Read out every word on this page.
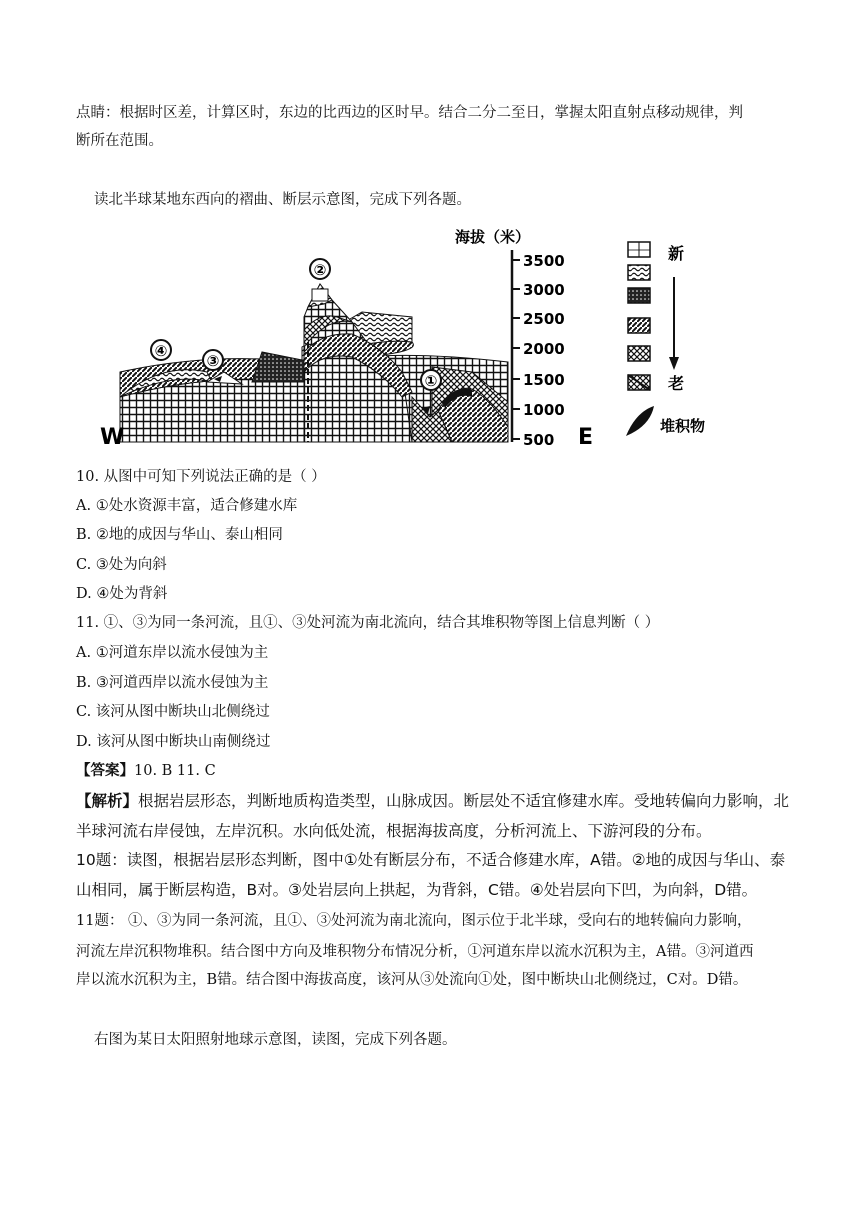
点睛：根据时区差，计算区时，东边的比西边的区时早。结合二分二至日，掌握太阳直射点移动规律，判
断所在范围。
读北半球某地东西向的褶曲、断层示意图，完成下列各题。
②
④
③
①
W	E
海拔（米）
3500
3000
2500
2000
1500
1000
500
新
老
堆积物
10. 从图中可知下列说法正确的是（ ）
A. ①处水资源丰富，适合修建水库
B. ②地的成因与华山、泰山相同
C. ③处为向斜
D. ④处为背斜
11. ①、③为同一条河流，且①、③处河流为南北流向，结合其堆积物等图上信息判断（ ）
A. ①河道东岸以流水侵蚀为主
B. ③河道西岸以流水侵蚀为主
C. 该河从图中断块山北侧绕过
D. 该河从图中断块山南侧绕过
【答案】10. B 11. C
【解析】根据岩层形态，判断地质构造类型，山脉成因。断层处不适宜修建水库。受地转偏向力影响，北
半球河流右岸侵蚀，左岸沉积。水向低处流，根据海拔高度，分析河流上、下游河段的分布。
10题：读图，根据岩层形态判断，图中①处有断层分布，不适合修建水库，A错。②地的成因与华山、泰
山相同，属于断层构造，B对。③处岩层向上拱起，为背斜，C错。④处岩层向下凹，为向斜，D错。
11题： ①、③为同一条河流，且①、③处河流为南北流向，图示位于北半球，受向右的地转偏向力影响，
河流左岸沉积物堆积。结合图中方向及堆积物分布情况分析，①河道东岸以流水沉积为主，A错。③河道西
岸以流水沉积为主，B错。结合图中海拔高度，该河从③处流向①处，图中断块山北侧绕过，C对。D错。
右图为某日太阳照射地球示意图，读图，完成下列各题。
